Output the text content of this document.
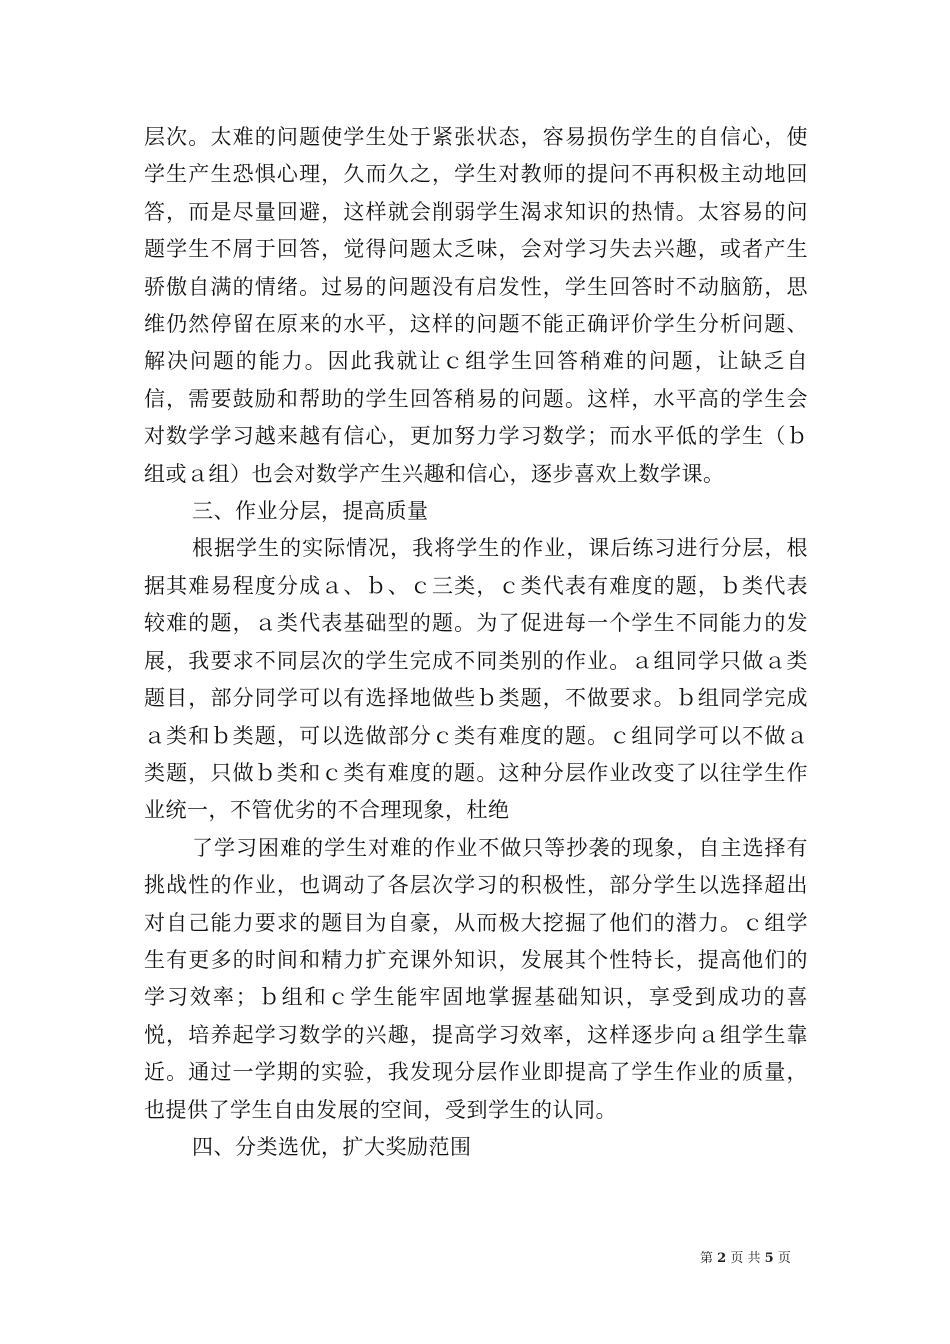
层次。太难的问题使学生处于紧张状态，容易损伤学生的自信心，使学生产生恐惧心理，久而久之，学生对教师的提问不再积极主动地回答，而是尽量回避，这样就会削弱学生渴求知识的热情。太容易的问题学生不屑于回答，觉得问题太乏味，会对学习失去兴趣，或者产生骄傲自满的情绪。过易的问题没有启发性，学生回答时不动脑筋，思维仍然停留在原来的水平，这样的问题不能正确评价学生分析问题、解决问题的能力。因此我就让ｃ组学生回答稍难的问题，让缺乏自信，需要鼓励和帮助的学生回答稍易的问题。这样，水平高的学生会对数学学习越来越有信心，更加努力学习数学；而水平低的学生（ｂ组或ａ组）也会对数学产生兴趣和信心，逐步喜欢上数学课。

三、作业分层，提高质量

根据学生的实际情况，我将学生的作业，课后练习进行分层，根据其难易程度分成ａ、ｂ、ｃ三类，ｃ类代表有难度的题，ｂ类代表较难的题，ａ类代表基础型的题。为了促进每一个学生不同能力的发展，我要求不同层次的学生完成不同类别的作业。ａ组同学只做ａ类题目，部分同学可以有选择地做些ｂ类题，不做要求。ｂ组同学完成ａ类和ｂ类题，可以选做部分ｃ类有难度的题。ｃ组同学可以不做ａ类题，只做ｂ类和ｃ类有难度的题。这种分层作业改变了以往学生作业统一，不管优劣的不合理现象，杜绝

了学习困难的学生对难的作业不做只等抄袭的现象，自主选择有挑战性的作业，也调动了各层次学习的积极性，部分学生以选择超出对自己能力要求的题目为自豪，从而极大挖掘了他们的潜力。ｃ组学生有更多的时间和精力扩充课外知识，发展其个性特长，提高他们的学习效率；ｂ组和ｃ学生能牢固地掌握基础知识，享受到成功的喜悦，培养起学习数学的兴趣，提高学习效率，这样逐步向ａ组学生靠近。通过一学期的实验，我发现分层作业即提高了学生作业的质量，也提供了学生自由发展的空间，受到学生的认同。

四、分类选优，扩大奖励范围

第 2 页 共 5 页
